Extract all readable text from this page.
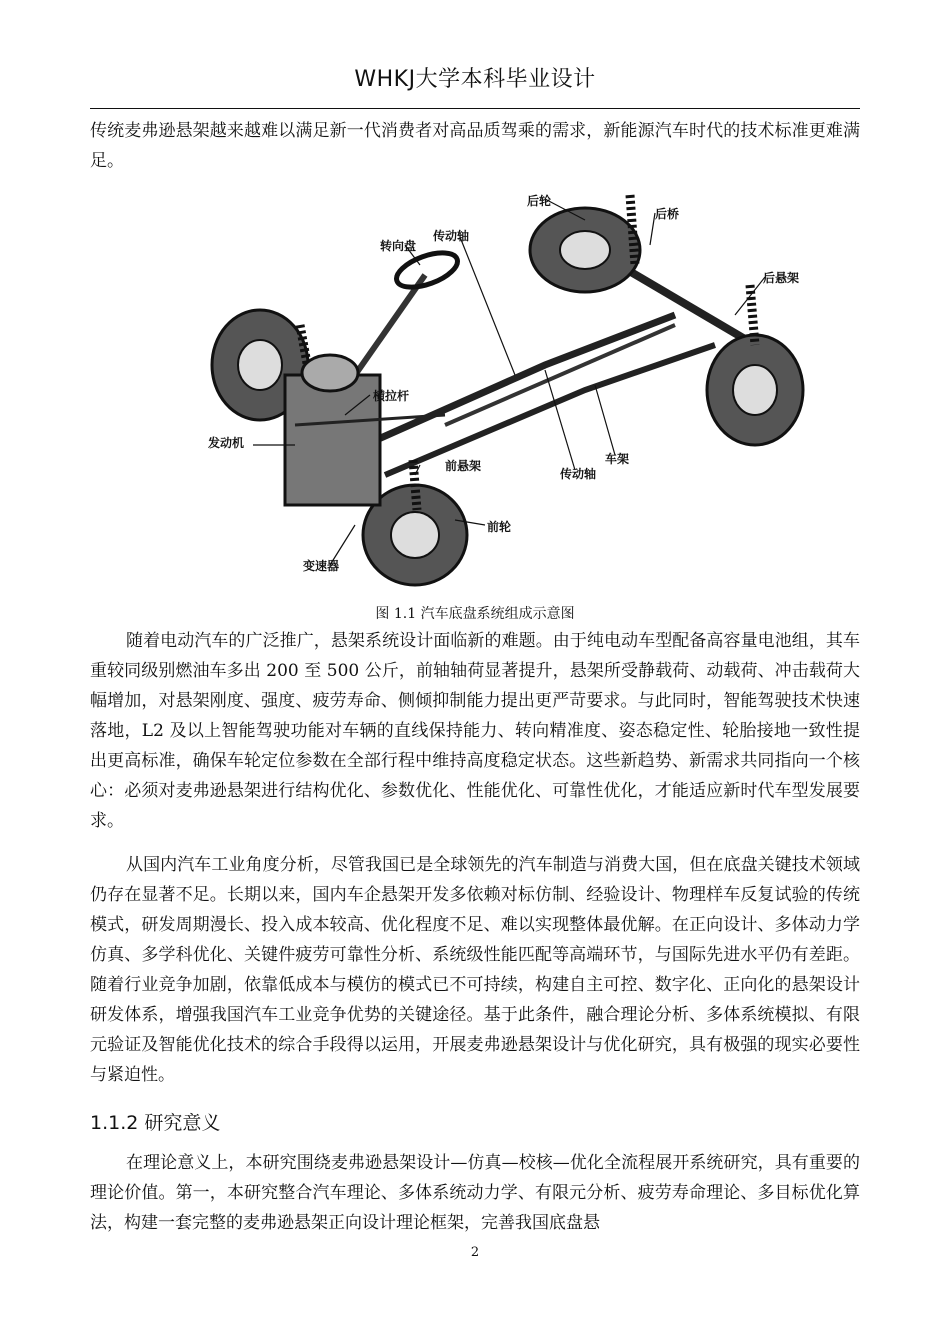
WHKJ大学本科毕业设计

传统麦弗逊悬架越来越难以满足新一代消费者对高品质驾乘的需求，新能源汽车时代的技术标准更难满足。

后轮
后桥
后悬架
转向盘
传动轴
横拉杆
发动机
前悬架	车架
传动轴
前轮
变速器
图 1.1 汽车底盘系统组成示意图

随着电动汽车的广泛推广，悬架系统设计面临新的难题。由于纯电动车型配备高容量电池组，其车重较同级别燃油车多出 200 至 500 公斤，前轴轴荷显著提升，悬架所受静载荷、动载荷、冲击载荷大幅增加，对悬架刚度、强度、疲劳寿命、侧倾抑制能力提出更严苛要求。与此同时，智能驾驶技术快速落地，L2 及以上智能驾驶功能对车辆的直线保持能力、转向精准度、姿态稳定性、轮胎接地一致性提出更高标准，确保车轮定位参数在全部行程中维持高度稳定状态。这些新趋势、新需求共同指向一个核心：必须对麦弗逊悬架进行结构优化、参数优化、性能优化、可靠性优化，才能适应新时代车型发展要求。

从国内汽车工业角度分析，尽管我国已是全球领先的汽车制造与消费大国，但在底盘关键技术领域仍存在显著不足。长期以来，国内车企悬架开发多依赖对标仿制、经验设计、物理样车反复试验的传统模式，研发周期漫长、投入成本较高、优化程度不足、难以实现整体最优解。在正向设计、多体动力学仿真、多学科优化、关键件疲劳可靠性分析、系统级性能匹配等高端环节，与国际先进水平仍有差距。随着行业竞争加剧，依靠低成本与模仿的模式已不可持续，构建自主可控、数字化、正向化的悬架设计研发体系，增强我国汽车工业竞争优势的关键途径。基于此条件，融合理论分析、多体系统模拟、有限元验证及智能优化技术的综合手段得以运用，开展麦弗逊悬架设计与优化研究，具有极强的现实必要性与紧迫性。

1.1.2 研究意义

在理论意义上，本研究围绕麦弗逊悬架设计—仿真—校核—优化全流程展开系统研究，具有重要的理论价值。第一，本研究整合汽车理论、多体系统动力学、有限元分析、疲劳寿命理论、多目标优化算法，构建一套完整的麦弗逊悬架正向设计理论框架，完善我国底盘悬

2
